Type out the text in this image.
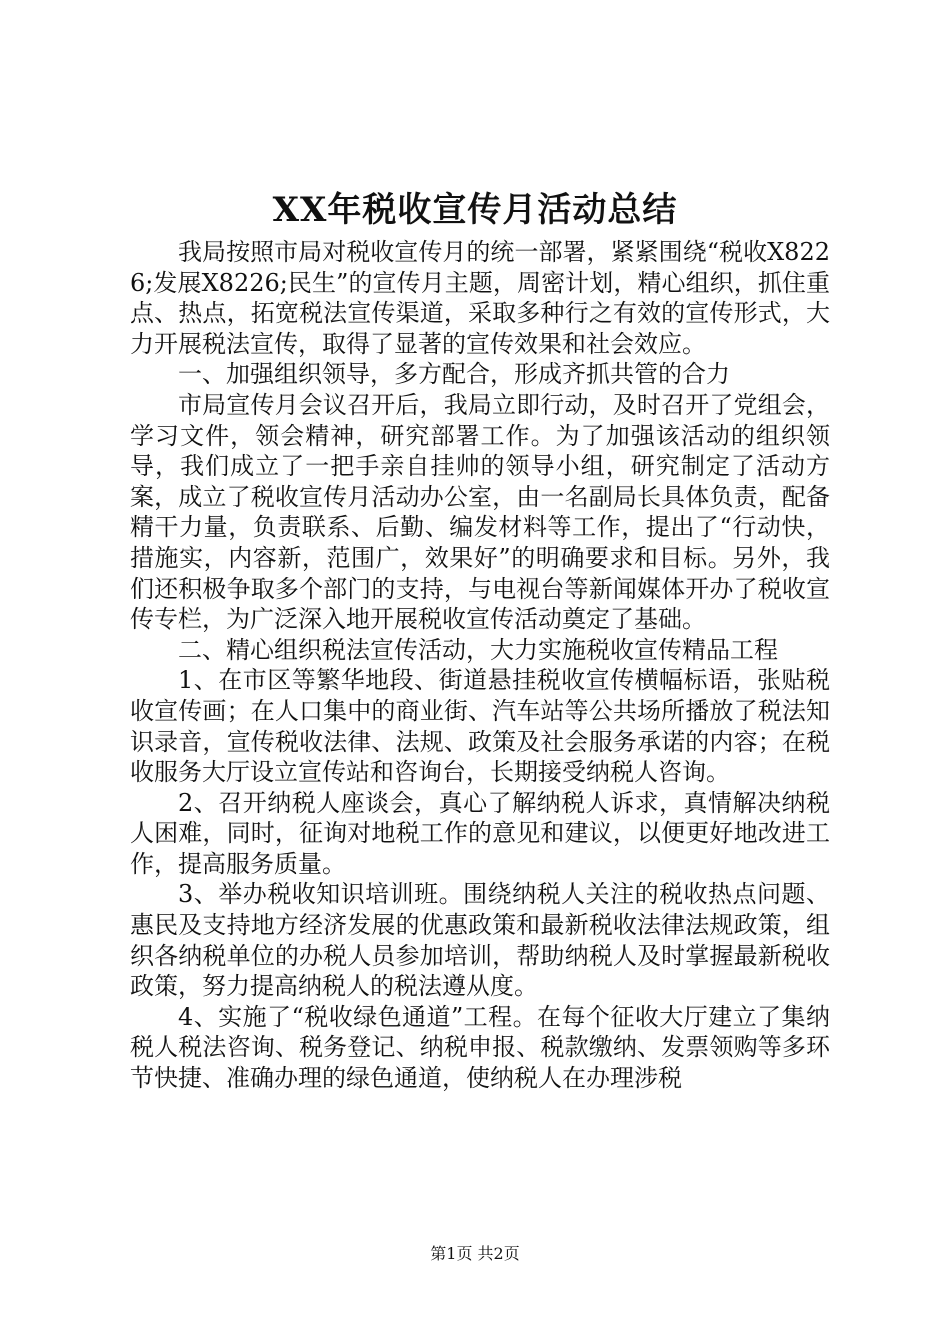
XX年税收宣传月活动总结

我局按照市局对税收宣传月的统一部署，紧紧围绕“税收X8226;发展X8226;民生”的宣传月主题，周密计划，精心组织，抓住重点、热点，拓宽税法宣传渠道，采取多种行之有效的宣传形式，大力开展税法宣传，取得了显著的宣传效果和社会效应。

一、加强组织领导，多方配合，形成齐抓共管的合力

市局宣传月会议召开后，我局立即行动，及时召开了党组会，学习文件，领会精神，研究部署工作。为了加强该活动的组织领导，我们成立了一把手亲自挂帅的领导小组，研究制定了活动方案，成立了税收宣传月活动办公室，由一名副局长具体负责，配备精干力量，负责联系、后勤、编发材料等工作，提出了“行动快，措施实，内容新，范围广，效果好”的明确要求和目标。另外，我们还积极争取多个部门的支持，与电视台等新闻媒体开办了税收宣传专栏，为广泛深入地开展税收宣传活动奠定了基础。

二、精心组织税法宣传活动，大力实施税收宣传精品工程

1、在市区等繁华地段、街道悬挂税收宣传横幅标语，张贴税收宣传画；在人口集中的商业街、汽车站等公共场所播放了税法知识录音，宣传税收法律、法规、政策及社会服务承诺的内容；在税收服务大厅设立宣传站和咨询台，长期接受纳税人咨询。

2、召开纳税人座谈会，真心了解纳税人诉求，真情解决纳税人困难，同时，征询对地税工作的意见和建议，以便更好地改进工作，提高服务质量。

3、举办税收知识培训班。围绕纳税人关注的税收热点问题、惠民及支持地方经济发展的优惠政策和最新税收法律法规政策，组织各纳税单位的办税人员参加培训，帮助纳税人及时掌握最新税收政策，努力提高纳税人的税法遵从度。

4、实施了“税收绿色通道”工程。在每个征收大厅建立了集纳税人税法咨询、税务登记、纳税申报、税款缴纳、发票领购等多环节快捷、准确办理的绿色通道，使纳税人在办理涉税

第1页 共2页
